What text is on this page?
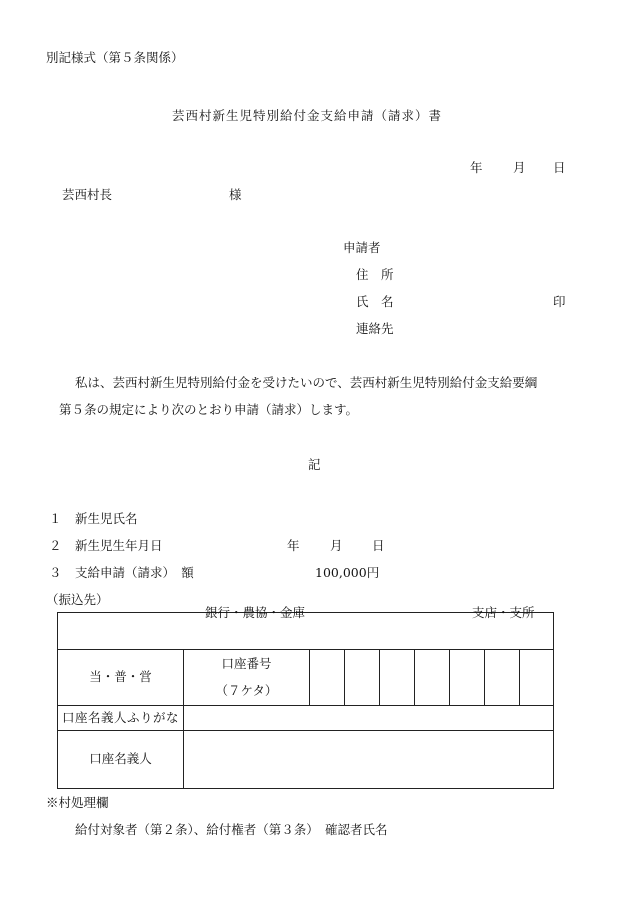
別記様式（第５条関係）
芸西村新生児特別給付金支給申請（請求）書
年 月 日
芸西村長	様
申請者
住　所
氏　名	印
連絡先
私は、芸西村新生児特別給付金を受けたいので、芸西村新生児特別給付金支給要綱
第５条の規定により次のとおり申請（請求）します。
記
１ 新生児氏名
２ 新生児生年月日	年 月 日
３ 支給申請（請求）　額	100,000円
（振込先）
銀行・農協・金庫 支店・支所								

当・普・営	口座番号
（７ケタ）							

口座名義人ふりがな								
口座名義人								
※村処理欄
給付対象者（第２条）、給付権者（第３条）　確認者氏名
